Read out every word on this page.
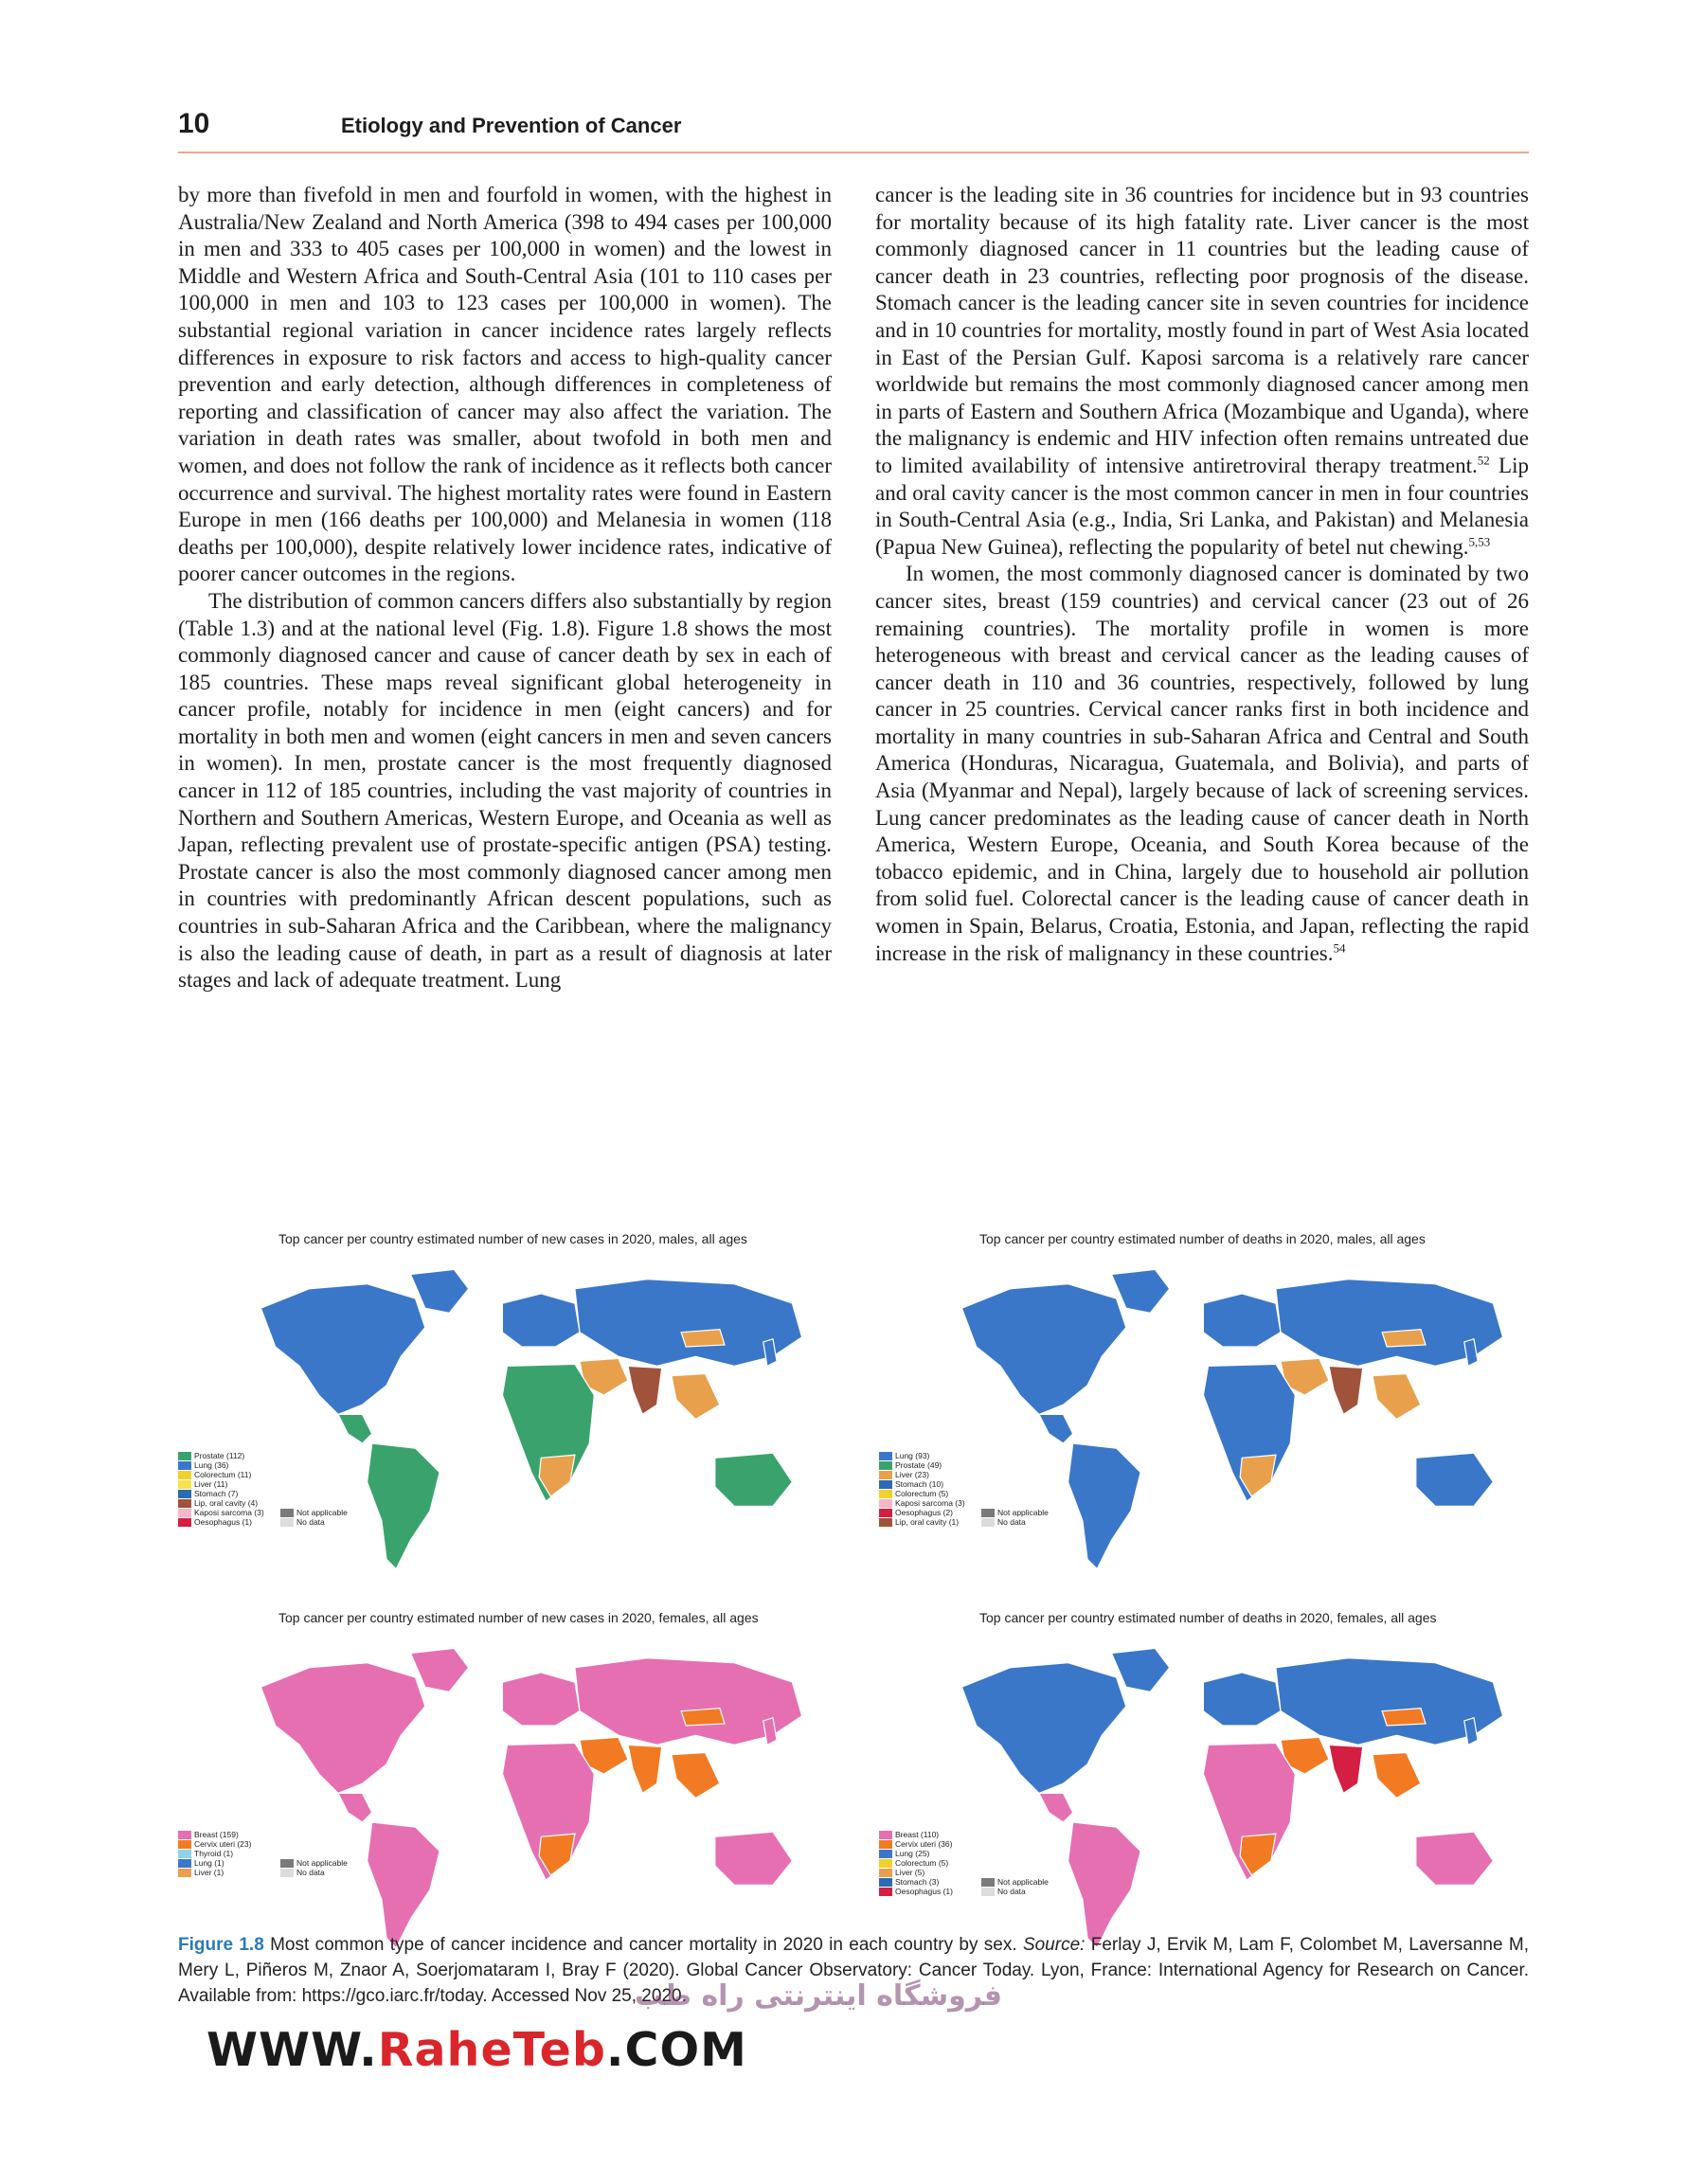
10	Etiology and Prevention of Cancer

by more than fivefold in men and fourfold in women, with the highest in Australia/New Zealand and North America (398 to 494 cases per 100,000 in men and 333 to 405 cases per 100,000 in women) and the lowest in Middle and Western Africa and South-Central Asia (101 to 110 cases per 100,000 in men and 103 to 123 cases per 100,000 in women). The substantial regional variation in cancer incidence rates largely reflects differences in exposure to risk factors and access to high-quality cancer prevention and early detection, although differences in completeness of reporting and classification of cancer may also affect the variation. The variation in death rates was smaller, about twofold in both men and women, and does not follow the rank of incidence as it reflects both cancer occurrence and survival. The highest mortality rates were found in Eastern Europe in men (166 deaths per 100,000) and Melanesia in women (118 deaths per 100,000), despite relatively lower incidence rates, indicative of poorer cancer outcomes in the regions.

The distribution of common cancers differs also substantially by region (Table 1.3) and at the national level (Fig. 1.8). Figure 1.8 shows the most commonly diagnosed cancer and cause of cancer death by sex in each of 185 countries. These maps reveal significant global heterogeneity in cancer profile, notably for incidence in men (eight cancers) and for mortality in both men and women (eight cancers in men and seven cancers in women). In men, prostate cancer is the most frequently diagnosed cancer in 112 of 185 countries, including the vast majority of countries in Northern and Southern Americas, Western Europe, and Oceania as well as Japan, reflecting prevalent use of prostate-specific antigen (PSA) testing. Prostate cancer is also the most commonly diagnosed cancer among men in countries with predominantly African descent populations, such as countries in sub-Saharan Africa and the Caribbean, where the malignancy is also the leading cause of death, in part as a result of diagnosis at later stages and lack of adequate treatment. Lung

cancer is the leading site in 36 countries for incidence but in 93 countries for mortality because of its high fatality rate. Liver cancer is the most commonly diagnosed cancer in 11 countries but the leading cause of cancer death in 23 countries, reflecting poor prognosis of the disease. Stomach cancer is the leading cancer site in seven countries for incidence and in 10 countries for mortality, mostly found in part of West Asia located in East of the Persian Gulf. Kaposi sarcoma is a relatively rare cancer worldwide but remains the most commonly diagnosed cancer among men in parts of Eastern and Southern Africa (Mozambique and Uganda), where the malignancy is endemic and HIV infection often remains untreated due to limited availability of intensive antiretroviral therapy treatment.$^{52}$ Lip and oral cavity cancer is the most common cancer in men in four countries in South-Central Asia (e.g., India, Sri Lanka, and Pakistan) and Melanesia (Papua New Guinea), reflecting the popularity of betel nut chewing.$^{5,53}$

In women, the most commonly diagnosed cancer is dominated by two cancer sites, breast (159 countries) and cervical cancer (23 out of 26 remaining countries). The mortality profile in women is more heterogeneous with breast and cervical cancer as the leading causes of cancer death in 110 and 36 countries, respectively, followed by lung cancer in 25 countries. Cervical cancer ranks first in both incidence and mortality in many countries in sub-Saharan Africa and Central and South America (Honduras, Nicaragua, Guatemala, and Bolivia), and parts of Asia (Myanmar and Nepal), largely because of lack of screening services. Lung cancer predominates as the leading cause of cancer death in North America, Western Europe, Oceania, and South Korea because of the tobacco epidemic, and in China, largely due to household air pollution from solid fuel. Colorectal cancer is the leading cause of cancer death in women in Spain, Belarus, Croatia, Estonia, and Japan, reflecting the rapid increase in the risk of malignancy in these countries.$^{54}$

Top cancer per country estimated number of new cases in 2020, males, all ages
Prostate (112)
Lung (36)
Colorectum (11)
Liver (11)
Stomach (7)
Lip, oral cavity (4)
Kaposi sarcoma (3)
Oesophagus (1)
Not applicable
No data
Top cancer per country estimated number of deaths in 2020, males, all ages
Lung (93)
Prostate (49)
Liver (23)
Stomach (10)
Colorectum (5)
Kaposi sarcoma (3)
Oesophagus (2)
Lip, oral cavity (1)
Not applicable
No data
Top cancer per country estimated number of new cases in 2020, females, all ages
Breast (159)
Cervix uteri (23)
Thyroid (1)
Lung (1)
Liver (1)
Not applicable
No data
Top cancer per country estimated number of deaths in 2020, females, all ages
Breast (110)
Cervix uteri (36)
Lung (25)
Colorectum (5)
Liver (5)
Stomach (3)
Oesophagus (1)
Not applicable
No data
Figure 1.8 Most common type of cancer incidence and cancer mortality in 2020 in each country by sex. Source: Ferlay J, Ervik M, Lam F, Colombet M, Laversanne M, Mery L, Piñeros M, Znaor A, Soerjomataram I, Bray F (2020). Global Cancer Observatory: Cancer Today. Lyon, France: International Agency for Research on Cancer. Available from: https://gco.iarc.fr/today. Accessed Nov 25, 2020.
فروشگاه اینترنتی راه طب
WWW.RaheTeb.COM
